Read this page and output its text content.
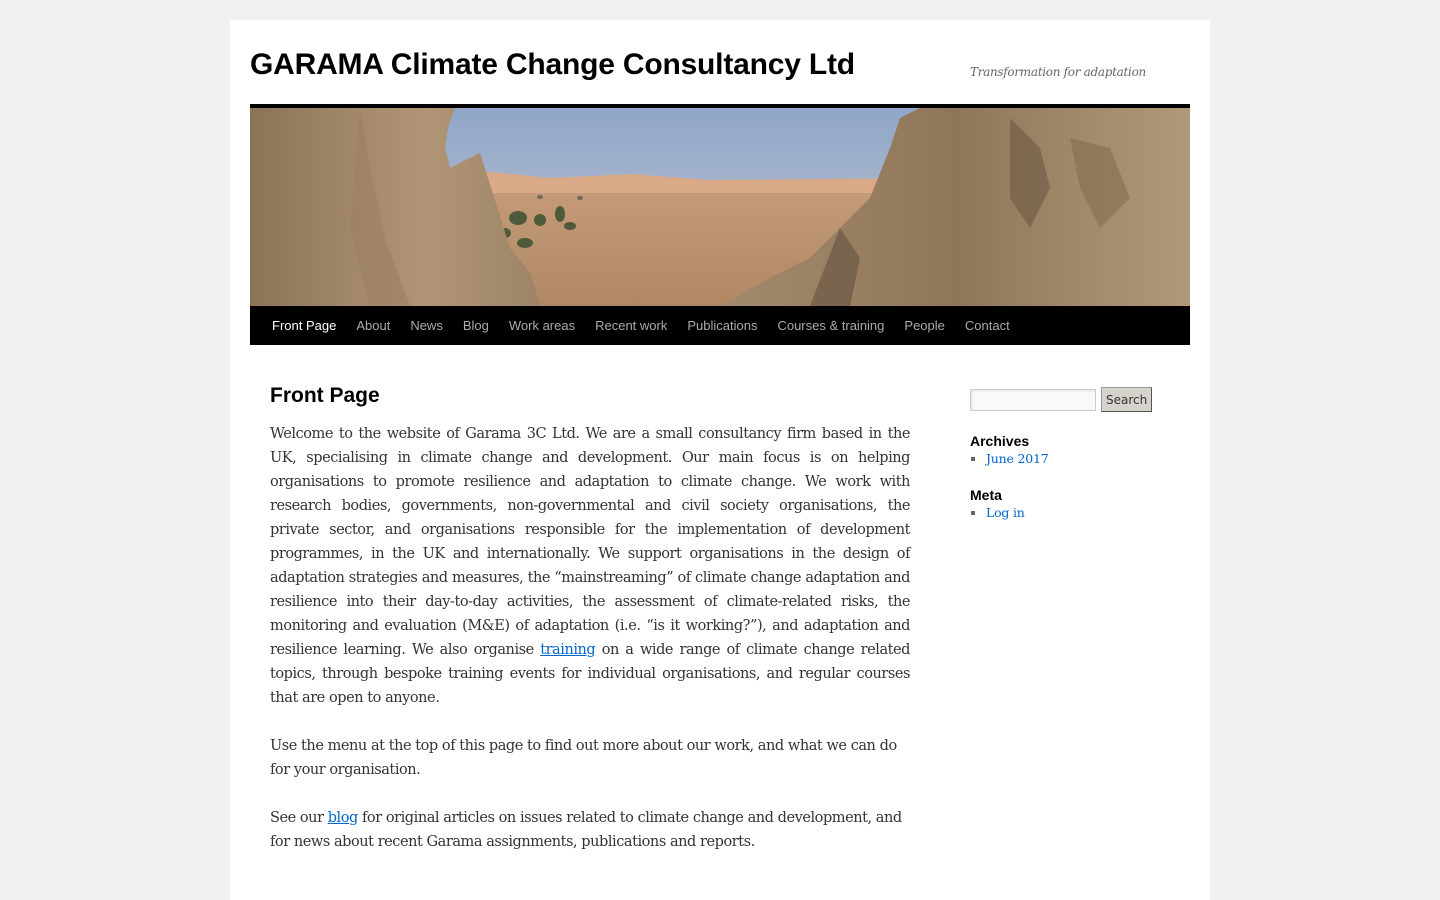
GARAMA Climate Change Consultancy Ltd	Transformation for adaptation
Front Page	About	News	Blog	Work areas	Recent work	Publications	Courses & training	People	Contact
Front Page

Welcome to the website of Garama 3C Ltd. We are a small consultancy firm based in the UK, specialising in climate change and development. Our main focus is on helping organisations to promote resilience and adaptation to climate change. We work with research bodies, governments, non-governmental and civil society organisations, the private sector, and organisations responsible for the implementation of development programmes, in the UK and internationally. We support organisations in the design of adaptation strategies and measures, the “mainstreaming” of climate change adaptation and resilience into their day-to-day activities, the assessment of climate-related risks, the monitoring and evaluation (M&E) of adaptation (i.e. “is it working?”), and adaptation and resilience learning. We also organise training on a wide range of climate change related topics, through bespoke training events for individual organisations, and regular courses that are open to anyone.

Use the menu at the top of this page to find out more about our work, and what we can do for your organisation.

See our blog for original articles on issues related to climate change and development, and for news about recent Garama assignments, publications and reports.

Search
Archives
▪ June 2017
Meta
▪ Log in
